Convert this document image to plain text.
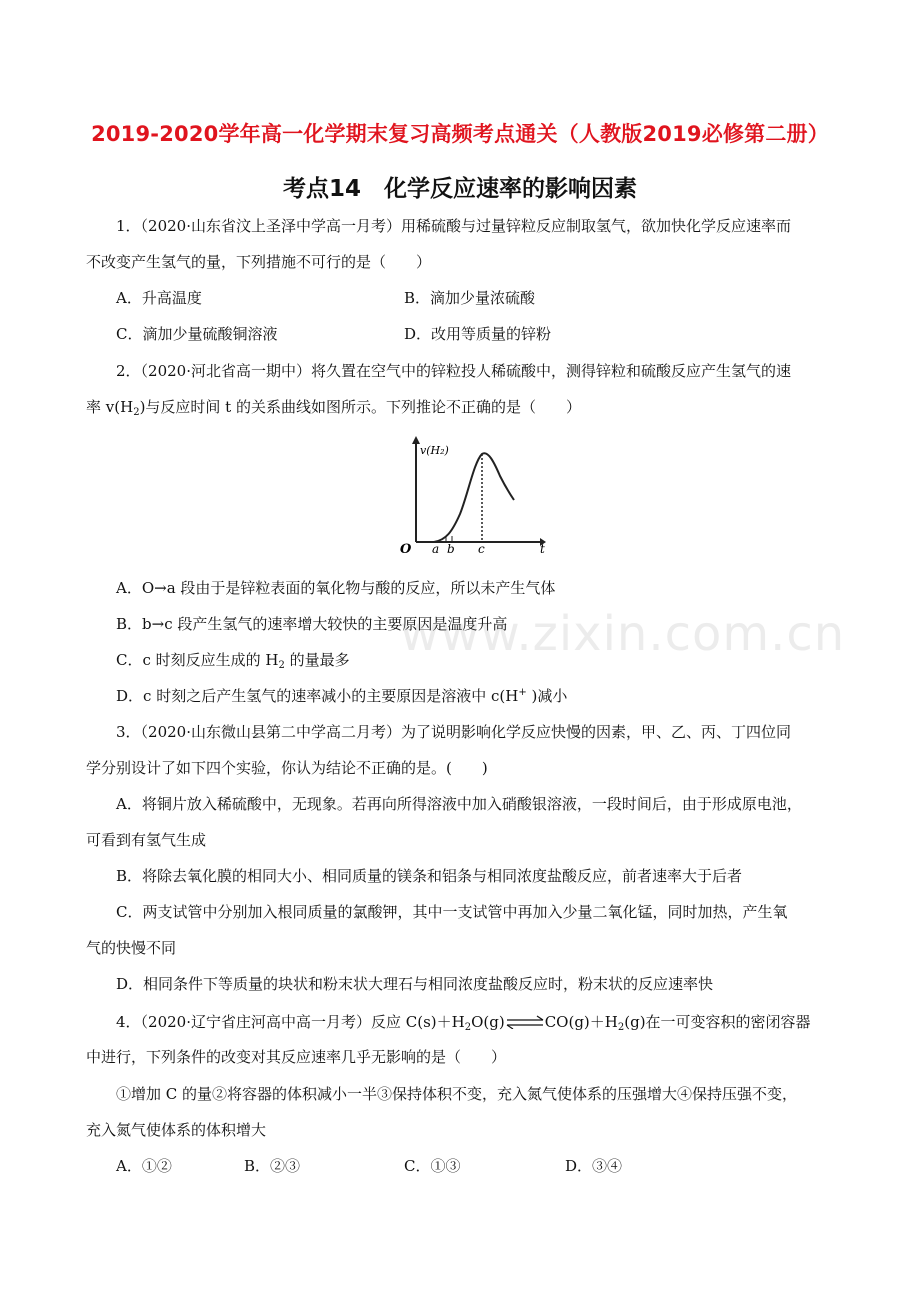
2019-2020学年高一化学期末复习高频考点通关（人教版2019必修第二册）
考点14　化学反应速率的影响因素
1．（2020·山东省汶上圣泽中学高一月考）用稀硫酸与过量锌粒反应制取氢气，欲加快化学反应速率而
不改变产生氢气的量，下列措施不可行的是（　　）
A．升高温度	B．滴加少量浓硫酸
C．滴加少量硫酸铜溶液	D．改用等质量的锌粉
2．（2020·河北省高一期中）将久置在空气中的锌粒投人稀硫酸中，测得锌粒和硫酸反应产生氢气的速
率 $v(H_2)$与反应时间 t 的关系曲线如图所示。下列推论不正确的是（　　）
v(H₂)
t
O a b c
A．O→a 段由于是锌粒表面的氧化物与酸的反应，所以未产生气体
B．b→c 段产生氢气的速率增大较快的主要原因是温度升高
C．c 时刻反应生成的 $H_2$ 的量最多
D．c 时刻之后产生氢气的速率减小的主要原因是溶液中 c(H+ )减小
www.zixin.com.cn
3．（2020·山东微山县第二中学高二月考）为了说明影响化学反应快慢的因素，甲、乙、丙、丁四位同
学分别设计了如下四个实验，你认为结论不正确的是。(　　)
A．将铜片放入稀硫酸中，无现象。若再向所得溶液中加入硝酸银溶液，一段时间后，由于形成原电池，
可看到有氢气生成
B．将除去氧化膜的相同大小、相同质量的镁条和铝条与相同浓度盐酸反应，前者速率大于后者
C．两支试管中分别加入根同质量的氯酸钾，其中一支试管中再加入少量二氧化锰，同时加热，产生氧
气的快慢不同
D．相同条件下等质量的块状和粉末状大理石与相同浓度盐酸反应时，粉末状的反应速率快
4．（2020·辽宁省庄河高中高一月考）反应 $C(s)+H_2O(g)\rightleftharpoons CO(g)+H_2(g)$在一可变容积的密闭容器
中进行，下列条件的改变对其反应速率几乎无影响的是（　　）
①增加 C 的量②将容器的体积减小一半③保持体积不变，充入氮气使体系的压强增大④保持压强不变，
充入氮气使体系的体积增大
A．①②	B．②③	C．①③	D．③④
